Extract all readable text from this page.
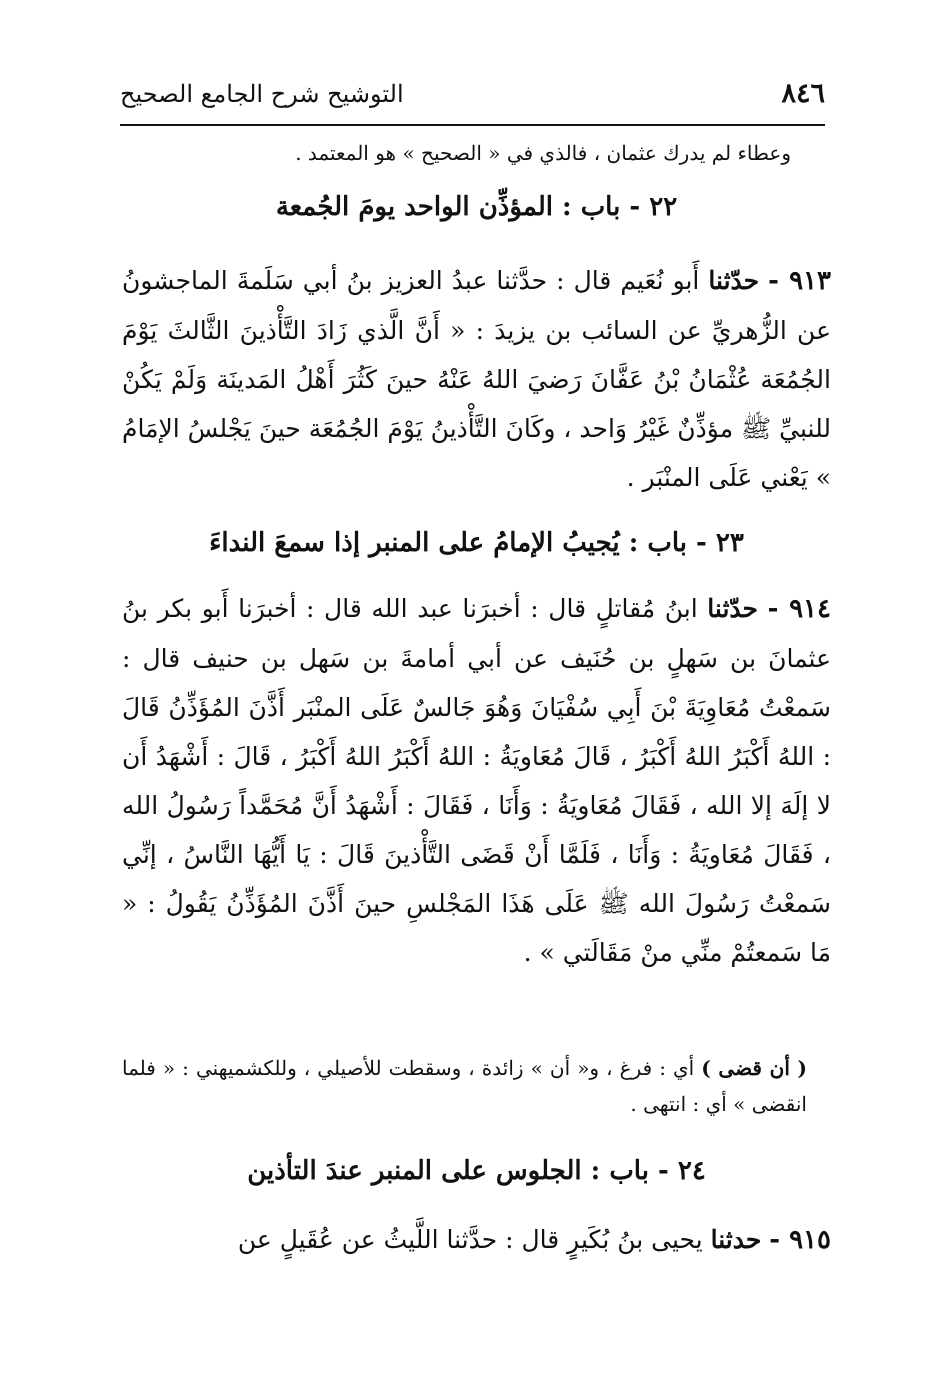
٨٤٦
التوشيح شرح الجامع الصحيح
وعطاء لم يدرك عثمان ، فالذي في « الصحيح » هو المعتمد .
٢٢ - باب : المؤذِّن الواحد يومَ الجُمعة

٩١٣ - حدّثنا أَبو نُعَيم قال : حدَّثنا عبدُ العزيز بنُ أبي سَلَمةَ الماجشونُ عن الزُّهريِّ عن السائب بن يزيدَ : « أَنَّ الَّذي زَادَ التَّأْذينَ الثَّالثَ يَوْمَ الجُمُعَة عُثْمَانُ بْنُ عَفَّانَ رَضيَ اللهُ عَنْهُ حينَ كَثُرَ أَهْلُ المَدينَة وَلَمْ يَكُنْ للنبيِّ ﷺ مؤذِّنٌ غَيْرُ وَاحد ، وكَانَ التَّأْذينُ يَوْمَ الجُمُعَة حينَ يَجْلسُ الإمَامُ » يَعْني عَلَى المنْبَر .

٢٣ - باب : يُجيبُ الإمامُ على المنبر إذا سمعَ النداءَ

٩١٤ - حدّثنا ابنُ مُقاتلٍ قال : أخبرَنا عبد الله قال : أخبرَنا أَبو بكر بنُ عثمانَ بن سَهلٍ بن حُنَيف عن أبي أمامةَ بن سَهل بن حنيف قال : سَمعْتُ مُعَاوِيَةَ بْنَ أَبِي سُفْيَانَ وَهُوَ جَالسٌ عَلَى المنْبَر أَذَّنَ المُؤَذِّنُ قَالَ : اللهُ أَكْبَرُ اللهُ أَكْبَرُ ، قَالَ مُعَاويَةُ : اللهُ أَكْبَرُ اللهُ أَكْبَرُ ، قَالَ : أَشْهَدُ أَن لا إلَهَ إلا الله ، فَقَالَ مُعَاويَةُ : وَأَنَا ، فَقَالَ : أَشْهَدُ أَنَّ مُحَمَّداً رَسُولُ الله ، فَقَالَ مُعَاويَةُ : وَأَنَا ، فَلَمَّا أَنْ قَضَى التَّأْذينَ قَالَ : يَا أَيُّهَا النَّاسُ ، إنِّي سَمعْتُ رَسُولَ الله ﷺ عَلَى هَذَا المَجْلسِ حينَ أَذَّنَ المُؤَذِّنُ يَقُولُ : « مَا سَمعتُمْ منِّي منْ مَقَالَتي » .

( أن قضى ) أي : فرغ ، و« أن » زائدة ، وسقطت للأصيلي ، وللكشميهني : « فلما انقضى » أي : انتهى .
٢٤ - باب : الجلوس على المنبر عندَ التأذين

٩١٥ - حدثنا يحيى بنُ بُكَيرٍ قال : حدَّثنا اللَّيثُ عن عُقَيلٍ عن
